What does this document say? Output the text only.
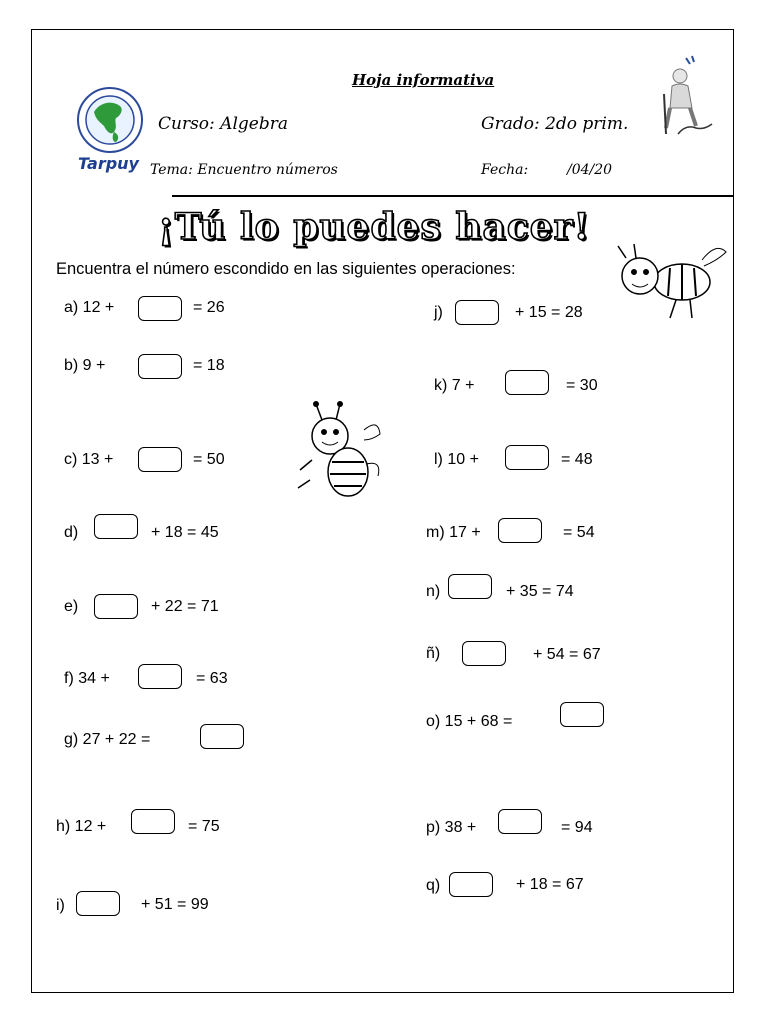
Tarpuy
Hoja informativa
Curso: Algebra	Grado: 2do prim.
Tema: Encuentro números	Fecha:	/04/20
¡Tú lo puedes hacer!
Encuentra el número escondido en las siguientes operaciones:
a) 12 +	= 26
b) 9 +	= 18
c) 13 +	= 50
d)	+ 18 = 45
e)	+ 22 = 71
f) 34 +	= 63
g) 27 + 22 =
h) 12 +	= 75
i)	+ 51 = 99
j)	+ 15 = 28
k) 7 +	= 30
l) 10 +	= 48
m) 17 +	= 54
n)	+ 35 = 74
ñ)	+ 54 = 67
o) 15 + 68 =
p) 38 +	= 94
q)	+ 18 = 67
